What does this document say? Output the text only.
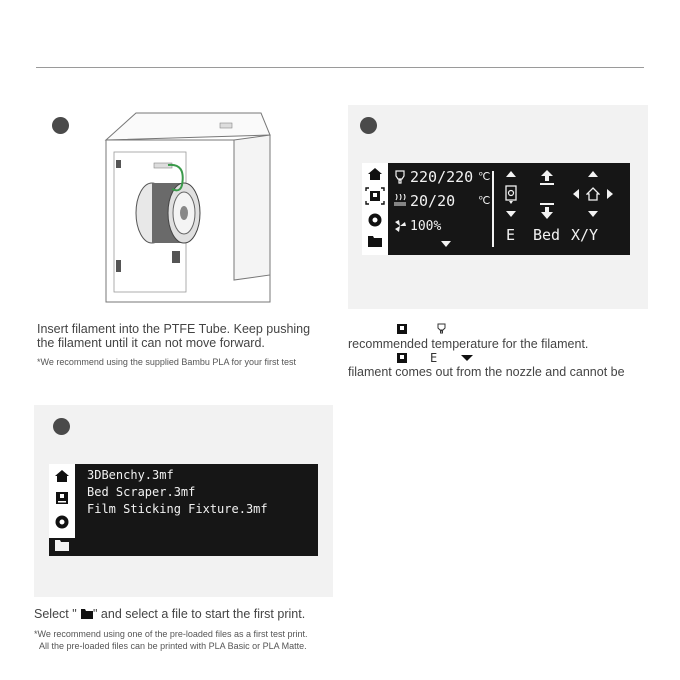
Insert filament into the PTFE Tube. Keep pushing
the filament until it can not move forward.
*We recommend using the supplied Bambu PLA for your first test
220/220 ℃
20/20 ℃
100%	E Bed X/Y
recommended temperature for the filament.
E
filament comes out from the nozzle and cannot be
3DBenchy.3mf
Bed Scraper.3mf
Film Sticking Fixture.3mf
Select " " and select a file to start the first print.
*We recommend using one of the pre-loaded files as a first test print.
All the pre-loaded files can be printed with PLA Basic or PLA Matte.
